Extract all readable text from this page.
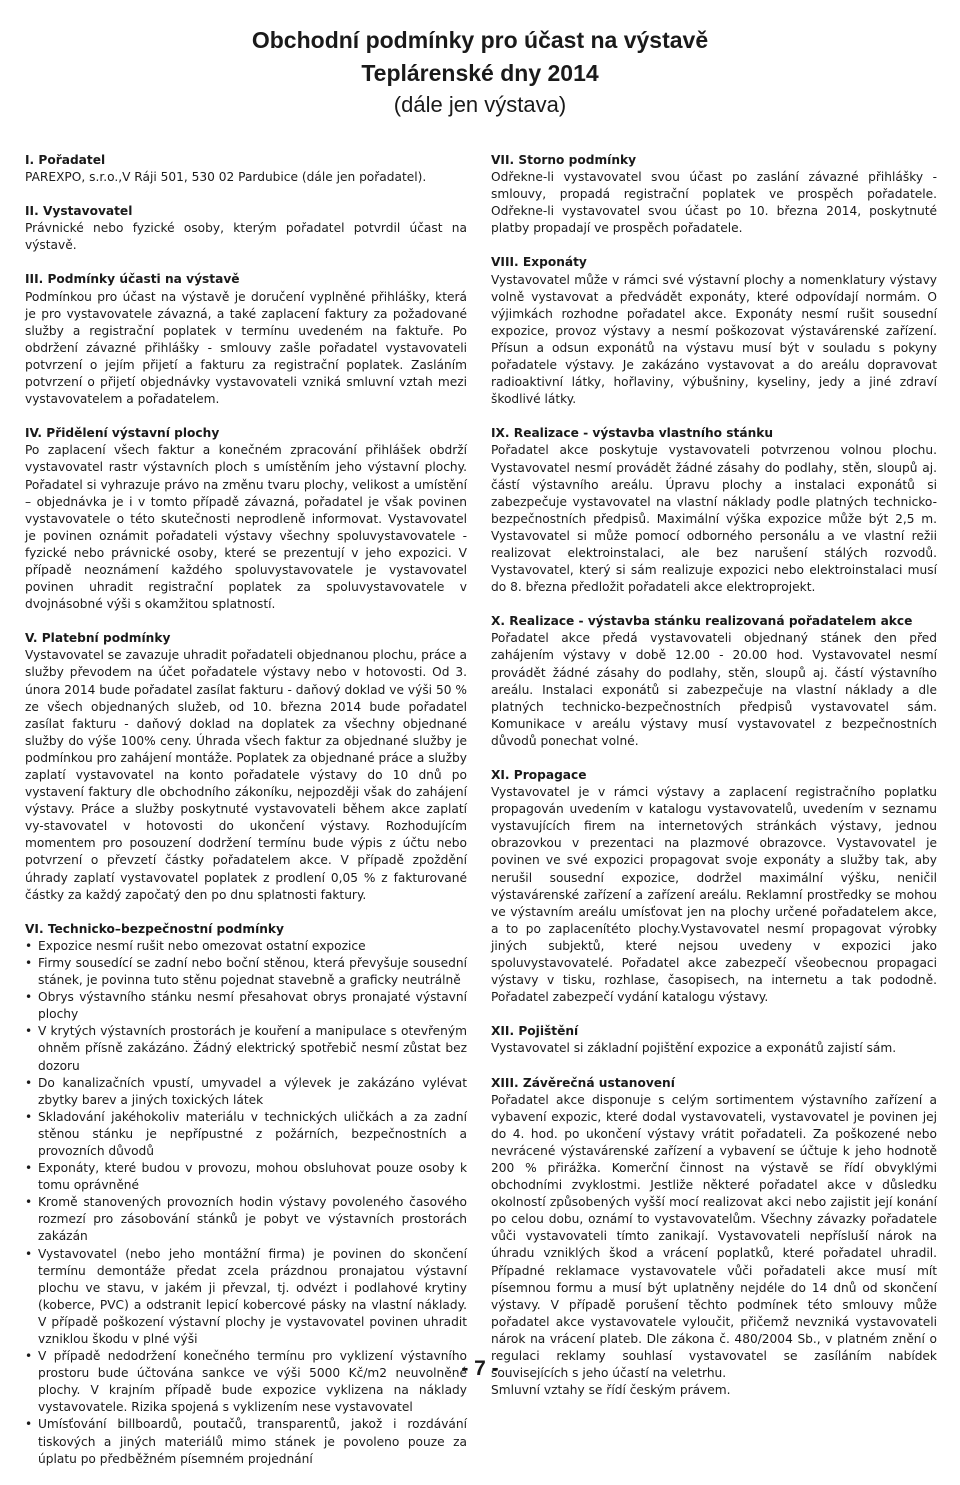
Obchodní podmínky pro účast na výstavě
Teplárenské dny 2014
(dále jen výstava)
I. Pořadatel

PAREXPO, s.r.o.,V Ráji 501, 530 02 Pardubice (dále jen pořadatel).

II. Vystavovatel

Právnické nebo fyzické osoby, kterým pořadatel potvrdil účast na výstavě.

III. Podmínky účasti na výstavě

Podmínkou pro účast na výstavě je doručení vyplněné přihlášky, která je pro vystavovatele závazná, a také zaplacení faktury za požadované služby a registrační poplatek v termínu uvedeném na faktuře. Po obdržení závazné přihlášky - smlouvy zašle pořadatel vystavovateli potvrzení o jejím přijetí a fakturu za registrační poplatek. Zasláním potvrzení o přijetí objednávky vystavovateli vzniká smluvní vztah mezi vystavovatelem a pořadatelem.

IV. Přidělení výstavní plochy

Po zaplacení všech faktur a konečném zpracování přihlášek obdrží vystavovatel rastr výstavních ploch s umístěním jeho výstavní plochy. Pořadatel si vyhrazuje právo na změnu tvaru plochy, velikost a umístění – objednávka je i v tomto případě závazná, pořadatel je však povinen vystavovatele o této skutečnosti neprodleně informovat. Vystavovatel je povinen oznámit pořadateli výstavy všechny spoluvystavovatele - fyzické nebo právnické osoby, které se prezentují v jeho expozici. V případě neoznámení každého spoluvystavovatele je vystavovatel povinen uhradit registrační poplatek za spoluvystavovatele v dvojnásobné výši s okamžitou splatností.

V. Platební podmínky

Vystavovatel se zavazuje uhradit pořadateli objednanou plochu, práce a služby převodem na účet pořadatele výstavy nebo v hotovosti. Od 3. února 2014 bude pořadatel zasílat fakturu - daňový doklad ve výši 50 % ze všech objednaných služeb, od 10. března 2014 bude pořadatel zasílat fakturu - daňový doklad na doplatek za všechny objednané služby do výše 100% ceny. Úhrada všech faktur za objednané služby je podmínkou pro zahájení montáže. Poplatek za objednané práce a služby zaplatí vystavovatel na konto pořadatele výstavy do 10 dnů po vystavení faktury dle obchodního zákoníku, nejpozději však do zahájení výstavy. Práce a služby poskytnuté vystavovateli během akce zaplatí vy-stavovatel v hotovosti do ukončení výstavy. Rozhodujícím momentem pro posouzení dodržení termínu bude výpis z účtu nebo potvrzení o převzetí částky pořadatelem akce. V případě zpoždění úhrady zaplatí vystavovatel poplatek z prodlení 0,05 % z fakturované částky za každý započatý den po dnu splatnosti faktury.

VI. Technicko–bezpečnostní podmínky
• Expozice nesmí rušit nebo omezovat ostatní expozice
• Firmy sousedící se zadní nebo boční stěnou, která převyšuje sousední stánek, je povinna tuto stěnu pojednat stavebně a graficky neutrálně
• Obrys výstavního stánku nesmí přesahovat obrys pronajaté výstavní plochy
• V krytých výstavních prostorách je kouření a manipulace s otevřeným ohněm přísně zakázáno. Žádný elektrický spotřebič nesmí zůstat bez dozoru
• Do kanalizačních vpustí, umyvadel a výlevek je zakázáno vylévat zbytky barev a jiných toxických látek
• Skladování jakéhokoliv materiálu v technických uličkách a za zadní stěnou stánku je nepřípustné z požárních, bezpečnostních a provozních důvodů
• Exponáty, které budou v provozu, mohou obsluhovat pouze osoby k tomu oprávněné
• Kromě stanovených provozních hodin výstavy povoleného časového rozmezí pro zásobování stánků je pobyt ve výstavních prostorách zakázán
• Vystavovatel (nebo jeho montážní firma) je povinen do skončení termínu demontáže předat zcela prázdnou pronajatou výstavní plochu ve stavu, v jakém ji převzal, tj. odvézt i podlahové krytiny (koberce, PVC) a odstranit lepicí kobercové pásky na vlastní náklady. V případě poškození výstavní plochy je vystavovatel povinen uhradit vzniklou škodu v plné výši
• V případě nedodržení konečného termínu pro vyklizení výstavního prostoru bude účtována sankce ve výši 5000 Kč/m2 neuvolněné plochy. V krajním případě bude expozice vyklizena na náklady vystavovatele. Rizika spojená s vyklizením nese vystavovatel
• Umísťování billboardů, poutačů, transparentů, jakož i rozdávání tiskových a jiných materiálů mimo stánek je povoleno pouze za úplatu po předběžném písemném projednání
VII. Storno podmínky

Odřekne-li vystavovatel svou účast po zaslání závazné přihlášky - smlouvy, propadá registrační poplatek ve prospěch pořadatele. Odřekne-li vystavovatel svou účast po 10. března 2014, poskytnuté platby propadají ve prospěch pořadatele.

VIII. Exponáty

Vystavovatel může v rámci své výstavní plochy a nomenklatury výstavy volně vystavovat a předvádět exponáty, které odpovídají normám. O výjimkách rozhodne pořadatel akce. Exponáty nesmí rušit sousední expozice, provoz výstavy a nesmí poškozovat výstavárenské zařízení. Přísun a odsun exponátů na výstavu musí být v souladu s pokyny pořadatele výstavy. Je zakázáno vystavovat a do areálu dopravovat radioaktivní látky, hořlaviny, výbušniny, kyseliny, jedy a jiné zdraví škodlivé látky.

IX. Realizace - výstavba vlastního stánku

Pořadatel akce poskytuje vystavovateli potvrzenou volnou plochu. Vystavovatel nesmí provádět žádné zásahy do podlahy, stěn, sloupů aj. částí výstavního areálu. Úpravu plochy a instalaci exponátů si zabezpečuje vystavovatel na vlastní náklady podle platných technicko-bezpečnostních předpisů. Maximální výška expozice může být 2,5 m. Vystavovatel si může pomocí odborného personálu a ve vlastní režii realizovat elektroinstalaci, ale bez narušení stálých rozvodů. Vystavovatel, který si sám realizuje expozici nebo elektroinstalaci musí do 8. března předložit pořadateli akce elektroprojekt.

X. Realizace - výstavba stánku realizovaná pořadatelem akce

Pořadatel akce předá vystavovateli objednaný stánek den před zahájením výstavy v době 12.00 - 20.00 hod. Vystavovatel nesmí provádět žádné zásahy do podlahy, stěn, sloupů aj. částí výstavního areálu. Instalaci exponátů si zabezpečuje na vlastní náklady a dle platných technicko-bezpečnostních předpisů vystavovatel sám. Komunikace v areálu výstavy musí vystavovatel z bezpečnostních důvodů ponechat volné.

XI. Propagace

Vystavovatel je v rámci výstavy a zaplacení registračního poplatku propagován uvedením v katalogu vystavovatelů, uvedením v seznamu vystavujících firem na internetových stránkách výstavy, jednou obrazovkou v prezentaci na plazmové obrazovce. Vystavovatel je povinen ve své expozici propagovat svoje exponáty a služby tak, aby nerušil sousední expozice, dodržel maximální výšku, neničil výstavárenské zařízení a zařízení areálu. Reklamní prostředky se mohou ve výstavním areálu umísťovat jen na plochy určené pořadatelem akce, a to po zaplacenítéto plochy.Vystavovatel nesmí propagovat výrobky jiných subjektů, které nejsou uvedeny v expozici jako spoluvystavovatelé. Pořadatel akce zabezpečí všeobecnou propagaci výstavy v tisku, rozhlase, časopisech, na internetu a tak pododně. Pořadatel zabezpečí vydání katalogu výstavy.

XII. Pojištění

Vystavovatel si základní pojištění expozice a exponátů zajistí sám.

XIII. Závěrečná ustanovení

Pořadatel akce disponuje s celým sortimentem výstavního zařízení a vybavení expozic, které dodal vystavovateli, vystavovatel je povinen jej do 4. hod. po ukončení výstavy vrátit pořadateli. Za poškozené nebo nevrácené výstavárenské zařízení a vybavení se účtuje k jeho hodnotě 200 % přirážka. Komerční činnost na výstavě se řídí obvyklými obchodními zvyklostmi. Jestliže některé pořadatel akce v důsledku okolností způsobených vyšší mocí realizovat akci nebo zajistit její konání po celou dobu, oznámí to vystavovatelům. Všechny závazky pořadatele vůči vystavovateli tímto zanikají. Vystavovateli nepřísluší nárok na úhradu vzniklých škod a vrácení poplatků, které pořadatel uhradil. Případné reklamace vystavovatele vůči pořadateli akce musí mít písemnou formu a musí být uplatněny nejdéle do 14 dnů od skončení výstavy. V případě porušení těchto podmínek této smlouvy může pořadatel akce vystavovatele vyloučit, přičemž nevzniká vystavovateli nárok na vrácení plateb. Dle zákona č. 480/2004 Sb., v platném znění o regulaci reklamy souhlasí vystavovatel se zasíláním nabídek souvisejících s jeho účastí na veletrhu.

Smluvní vztahy se řídí českým právem.

- 7 -
